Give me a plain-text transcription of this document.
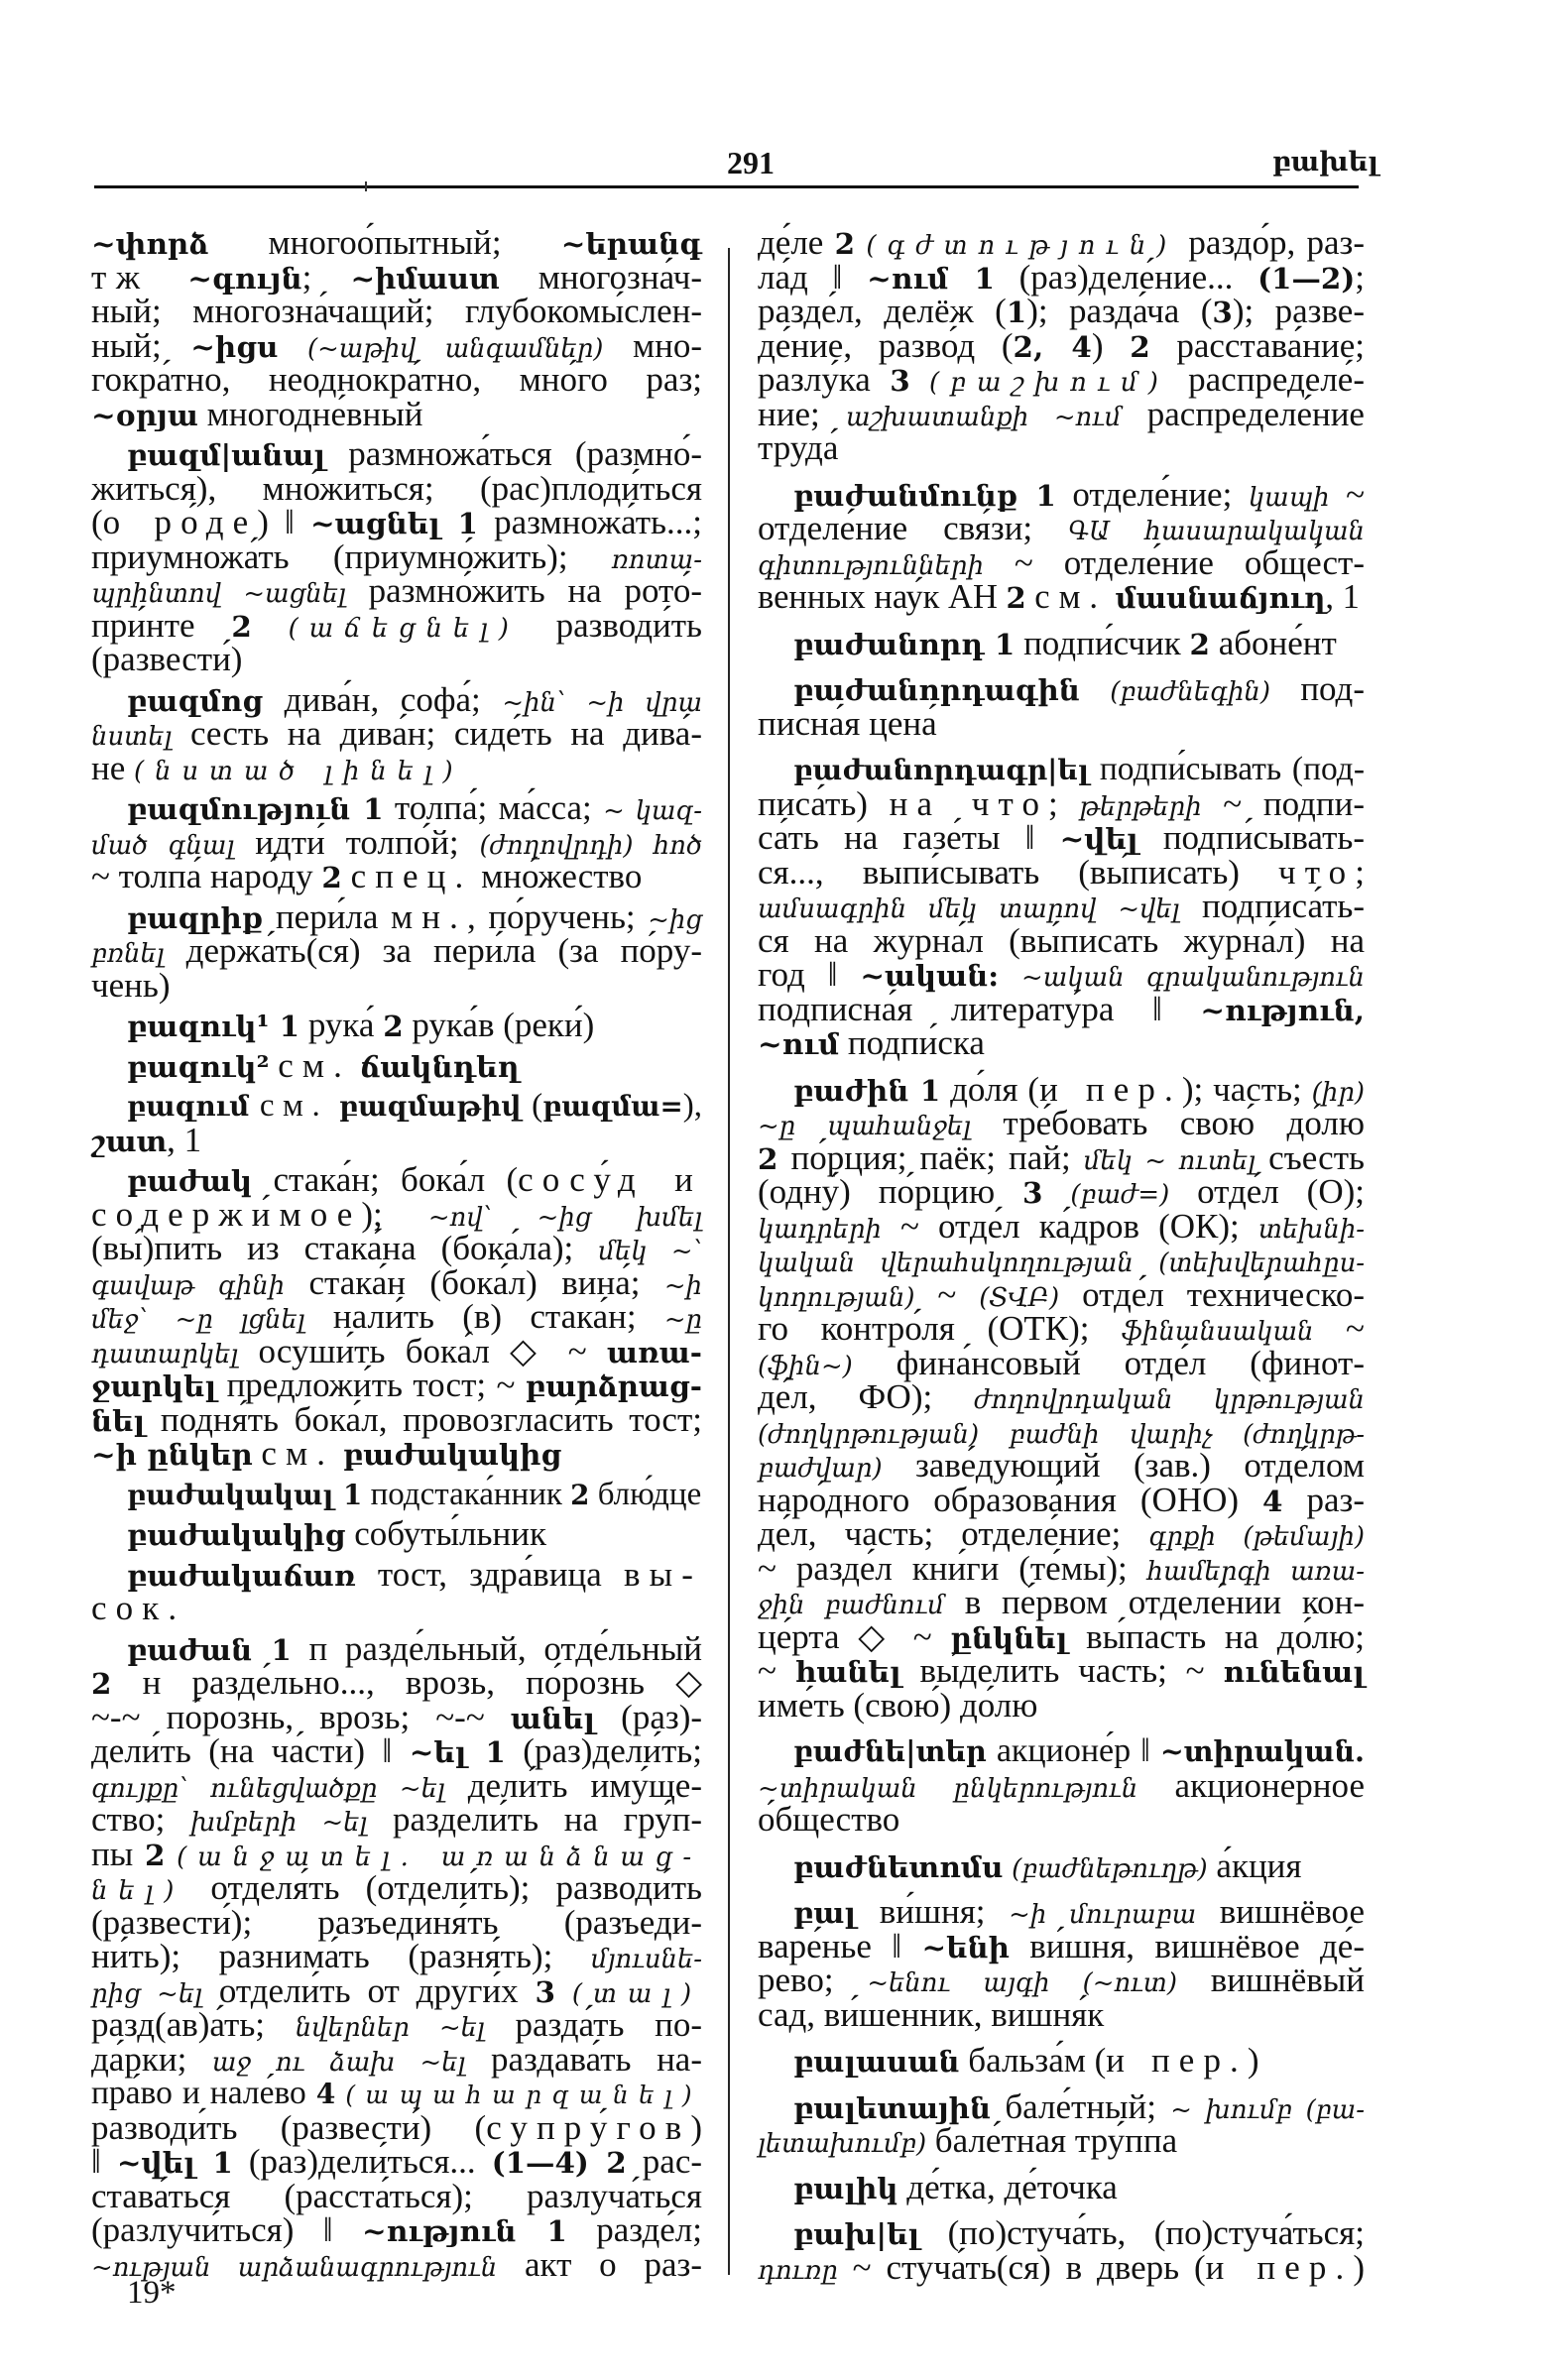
291	բախել
~փորձ многоо́пытный; ~երանգ
тж ~գույն; ~իմաստ многозна́ч-
ный; многозна́чащий; глубокомы́слен-
ный; ~իցս (~աթիվ անգամներ) мно-
гокра́тно, неоднокра́тно, мно́го раз;
~օրյա многодне́вный
բազմ|անալ размножа́ться (размно́-
житься), мно́житься; (рас)плоди́ться
(о ро́де) ‖ ~ացնել 1 размножа́ть...;
приумножа́ть (приумно́жить); ռոտա-
պրինտով ~ացնել размно́жить на рото́-
при́нте 2 (աճեցնել) разводи́ть
(развести́)
բազմոց дива́н, софа́; ~ին՝ ~ի վրա
նստել сесть на дива́н; сиде́ть на дива́-
не (նստած լինել)
բազմություն 1 толпа́; ма́сса; ~ կազ-
մած գնալ идти́ толпо́й; (ժողովրդի) հոծ
~ толпа́ наро́ду 2 спец. мно́жество
բազրիք пери́ла мн., по́ручень; ~ից
բռնել держа́ть(ся) за пери́ла (за по́ру-
чень)
բազուկ¹ 1 рука́ 2 рука́в (реки́)
բազուկ² см. ճակնդեղ
բազում см. բազմաթիվ (բազմա=),
շատ, 1
բաժակ стака́н; бока́л (сосу́д и
содержи́мое); ~ով՝ ~ից խմել
(вы́)пить из стака́на (бока́ла); մեկ ~՝
գավաթ գինի стака́н (бока́л) вина́; ~ի
մեջ՝ ~ը լցնել нали́ть (в) стака́н; ~ը
դատարկել осуши́ть бока́л ◇ ~ առա-
ջարկել предложи́ть тост; ~ բարձրաց-
նել подня́ть бока́л, провозгласи́ть тост;
~ի ընկեր см. բաժակակից
բաժակակալ 1 подстака́нник 2 блю́дце
բաժակակից собуты́льник
բաժակաճառ тост, здра́вица вы-
сок.
բաժան 1 п разде́льный, отде́льный
2 н разде́льно..., врозь, по́рознь ◇
~-~ по́рознь, врозь; ~-~ անել (раз)-
дели́ть (на ча́сти) ‖ ~ել 1 (раз)дели́ть;
գույքը՝ ունեցվածքը ~ել дели́ть иму́ще-
ство; խմբերի ~ել раздели́ть на гру́п-
пы 2 (անջատել. առանձնաց-
նել) отделя́ть (отдели́ть); разводи́ть
(развести́); разъединя́ть (разъеди-
ни́ть); разнима́ть (разня́ть); մյուսնե-
րից ~ել отдели́ть от други́х 3 (տալ)
разд(ав)а́ть; նվերներ ~ել разда́ть по-
да́рки; աջ ու ձախ ~ել раздава́ть на-
пра́во и нале́во 4 (ապահարզանել)
разводи́ть (развести́) (супру́гов)
‖ ~վել 1 (раз)дели́ться... (1—4) 2 рас-
става́ться (расста́ться); разлуча́ться
(разлучи́ться) ‖ ~ություն 1 разде́л;
~ության արձանագրություն акт о раз-
де́ле 2 (գժտություն) раздо́р, раз-
ла́д ‖ ~ում 1 (раз)деле́ние... (1—2);
разде́л, делёж (1); разда́ча (3); разве-
де́ние, разво́д (2, 4) 2 расстава́ние;
разлу́ка 3 (բաշխում) распределе́-
ние; աշխատանքի ~ում распределе́ние
труда́
բաժանմունք 1 отделе́ние; կապի ~
отделе́ние свя́зи; ԳԱ հասարակական
գիտությունների ~ отделе́ние обще́ст-
венных нау́к АН 2 см. մասնաճյուղ, 1
բաժանորդ 1 подпи́счик 2 абоне́нт
բաժանորդագին (բաժնեգին) под-
писна́я цена́
բաժանորդագր|ել подпи́сывать (под-
писа́ть) на что; թերթերի ~ подпи-
са́ть на газе́ты ‖ ~վել подпи́сывать-
ся..., выпи́сывать (вы́писать) что;
ամսագրին մեկ տարով ~վել подписа́ть-
ся на журна́л (вы́писать журна́л) на
год ‖ ~ական: ~ական գրականություն
подписна́я литерату́ра ‖ ~ություն,
~ում подпи́ска
բաժին 1 до́ля (и пер.); часть; (իր)
~ը պահանջել тре́бовать свою́ до́лю
2 по́рция; паёк; пай; մեկ ~ ուտել съесть
(одну́) по́рцию 3 (բաժ=) отде́л (О);
կադրերի ~ отде́л ка́дров (ОК); տեխնի-
կական վերահսկողության (տեխվերահըս-
կողության) ~ (ՏՎԲ) отде́л техни́ческо-
го контро́ля (ОТК); ֆինանսական ~
(ֆին~) фина́нсовый отде́л (финот-
де́л, ФО); ժողովրդական կրթության
(ժողկրթության) բաժնի վարիչ (ժողկրթ-
բաժվար) заве́дующий (зав.) отде́лом
наро́дного образова́ния (ОНО) 4 раз-
де́л, часть; отделе́ние; գրքի (թեմայի)
~ разде́л кни́ги (те́мы); համերգի առա-
ջին բաժնում в пе́рвом отделе́нии кон-
це́рта ◇ ~ ընկնել вы́пасть на до́лю;
~ հանել вы́делить часть; ~ ունենալ
име́ть (свою́) до́лю
բաժնե|տեր акционе́р ‖ ~տիրական.
~տիրական ընկերություն акционе́рное
о́бщество
բաժնետոմս (բաժնեթուղթ) а́кция
բալ ви́шня; ~ի մուրաբա вишнёвое
варе́нье ‖ ~ենի ви́шня, вишнёвое де́-
рево; ~ենու այգի (~ուտ) вишнёвый
сад, ви́шенник, вишня́к
բալասան бальза́м (и пер.)
բալետային бале́тный; ~ խումբ (բա-
լետախումբ) бале́тная тру́ппа
բալիկ де́тка, де́точка
բախ|ել (по)стуча́ть, (по)стуча́ться;
դուռը ~ стуча́ть(ся) в дверь (и пер.)
19*
